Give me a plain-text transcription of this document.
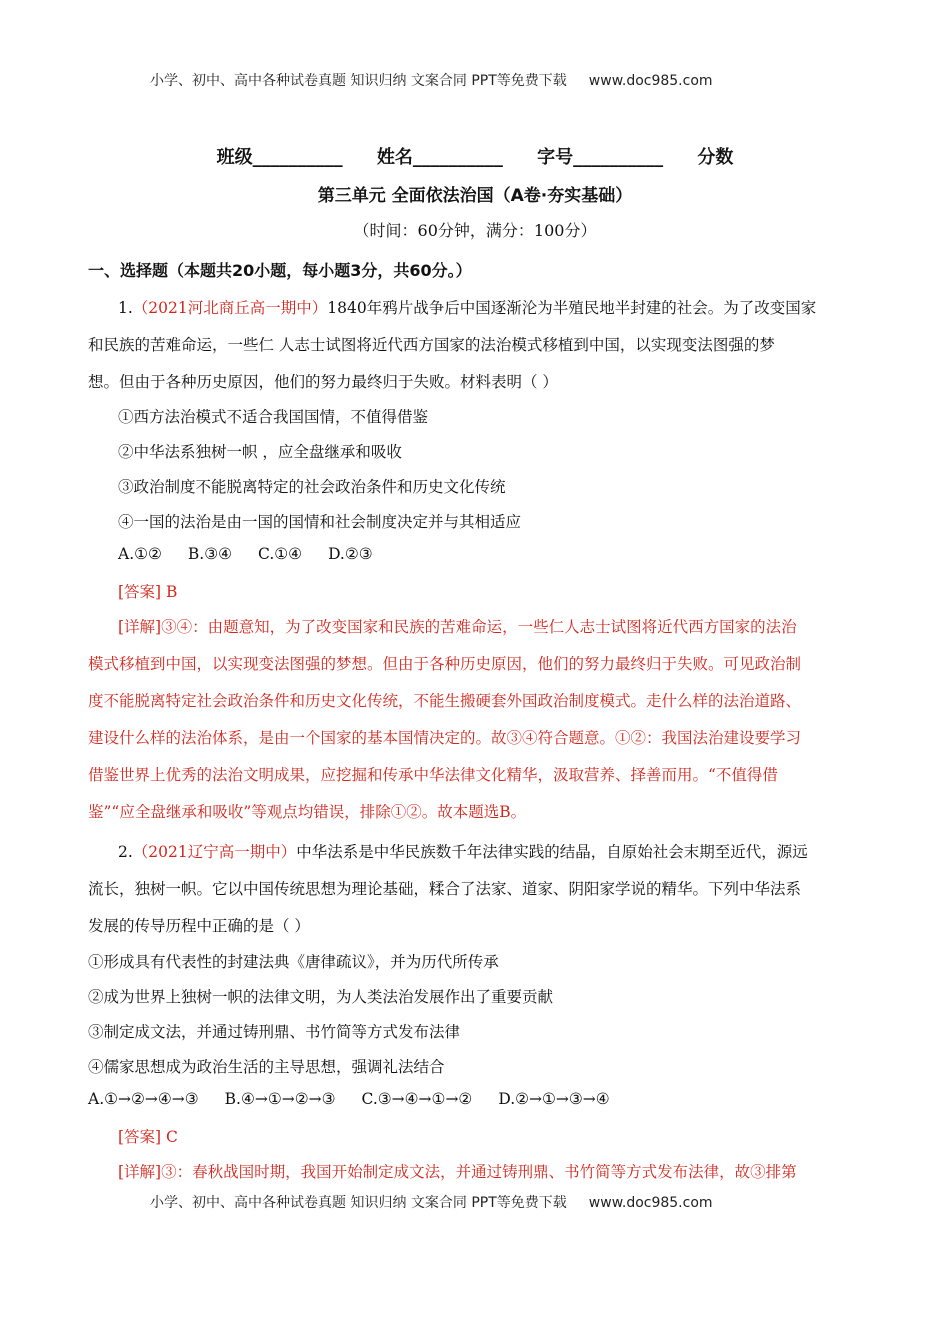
小学、初中、高中各种试卷真题 知识归纳 文案合同 PPT等免费下载 www.doc985.com
班级__________ 姓名__________ 字号__________ 分数
第三单元 全面依法治国（A卷·夯实基础）
（时间：60分钟，满分：100分）
一、选择题（本题共20小题，每小题3分，共60分。）
1.（2021河北商丘高一期中）1840年鸦片战争后中国逐渐沦为半殖民地半封建的社会。为了改变国家
和民族的苦难命运，一些仁 人志士试图将近代西方国家的法治模式移植到中国，以实现变法图强的梦
想。但由于各种历史原因，他们的努力最终归于失败。材料表明（ ）
①西方法治模式不适合我国国情，不值得借鉴
②中华法系独树一帜 ，应全盘继承和吸收
③政治制度不能脱离特定的社会政治条件和历史文化传统
④一国的法治是由一国的国情和社会制度决定并与其相适应
A.①② B.③④ C.①④ D.②③
[答案] B
[详解]③④：由题意知，为了改变国家和民族的苦难命运，一些仁人志士试图将近代西方国家的法治
模式移植到中国，以实现变法图强的梦想。但由于各种历史原因，他们的努力最终归于失败。可见政治制
度不能脱离特定社会政治条件和历史文化传统，不能生搬硬套外国政治制度模式。走什么样的法治道路、
建设什么样的法治体系，是由一个国家的基本国情决定的。故③④符合题意。①②：我国法治建设要学习
借鉴世界上优秀的法治文明成果，应挖掘和传承中华法律文化精华，汲取营养、择善而用。“不值得借
鉴”“应全盘继承和吸收”等观点均错误，排除①②。故本题选B。
2.（2021辽宁高一期中）中华法系是中华民族数千年法律实践的结晶，自原始社会末期至近代，源远
流长，独树一帜。它以中国传统思想为理论基础，糅合了法家、道家、阴阳家学说的精华。下列中华法系
发展的传导历程中正确的是（ ）
①形成具有代表性的封建法典《唐律疏议》，并为历代所传承
②成为世界上独树一帜的法律文明，为人类法治发展作出了重要贡献
③制定成文法，并通过铸刑鼎、书竹简等方式发布法律
④儒家思想成为政治生活的主导思想，强调礼法结合
A.①→②→④→③ B.④→①→②→③ C.③→④→①→② D.②→①→③→④
[答案] C
[详解]③：春秋战国时期，我国开始制定成文法，并通过铸刑鼎、书竹简等方式发布法律，故③排第
小学、初中、高中各种试卷真题 知识归纳 文案合同 PPT等免费下载 www.doc985.com
